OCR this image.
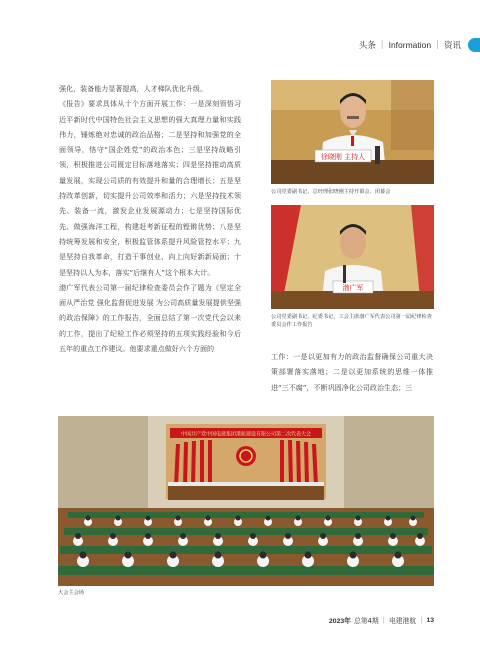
头条 | Information | 资讯

强化，装备能力显著提高，人才梯队优化升级。

《报告》要求具体从十个方面开展工作：一是深刻领悟习近平新时代中国特色社会主义思想的强大真理力量和实践伟力，锤炼绝对忠诚的政治品格；二是坚持和加强党的全面领导，恪守“国企姓党”的政治本色；三是坚持战略引领，积极推进公司既定目标落地落实；四是坚持推动高质量发展，实现公司质的有效提升和量的合理增长；五是坚持改革创新，切实提升公司效率和活力；六是坚持技术领先、装备一流，激发企业发展源动力；七是坚持国际优先、做强海洋工程，构建赶考新征程的铿锵优势；八是坚持统筹发展和安全，积极监管体系提升风险管控水平；九是坚持自我革命，打造干事创业、向上向好新新局面；十是坚持以人为本，落实“后继有人”这个根本大计。

渤广军代表公司第一届纪律检查委员会作了题为《坚定全面从严治党 强化监督促进发展 为公司高质量发展提供坚强的政治保障》的工作报告，全面总结了第一次党代会以来的工作，提出了纪检工作必须坚持的五项实践经验和今后五年的重点工作建议。他要求重点做好六个方面的

徐晓刚 主持人
公司党委副书记、总经理张晓刚主持开幕会、闭幕会
渤广军
公司党委副书记、纪委书记、工会主席渤广军代表公司第一届纪律检查委员会作工作报告

工作：一是以更加有力的政治监督确保公司重大决策部署落实落地；二是以更加系统的思维一体推进“三不腐”，不断巩固净化公司政治生态；三

中国共产党中国电建集团港航建设有限公司第二次代表大会
大会主会场
2023年 总第4期 | 电建港航 | 13
